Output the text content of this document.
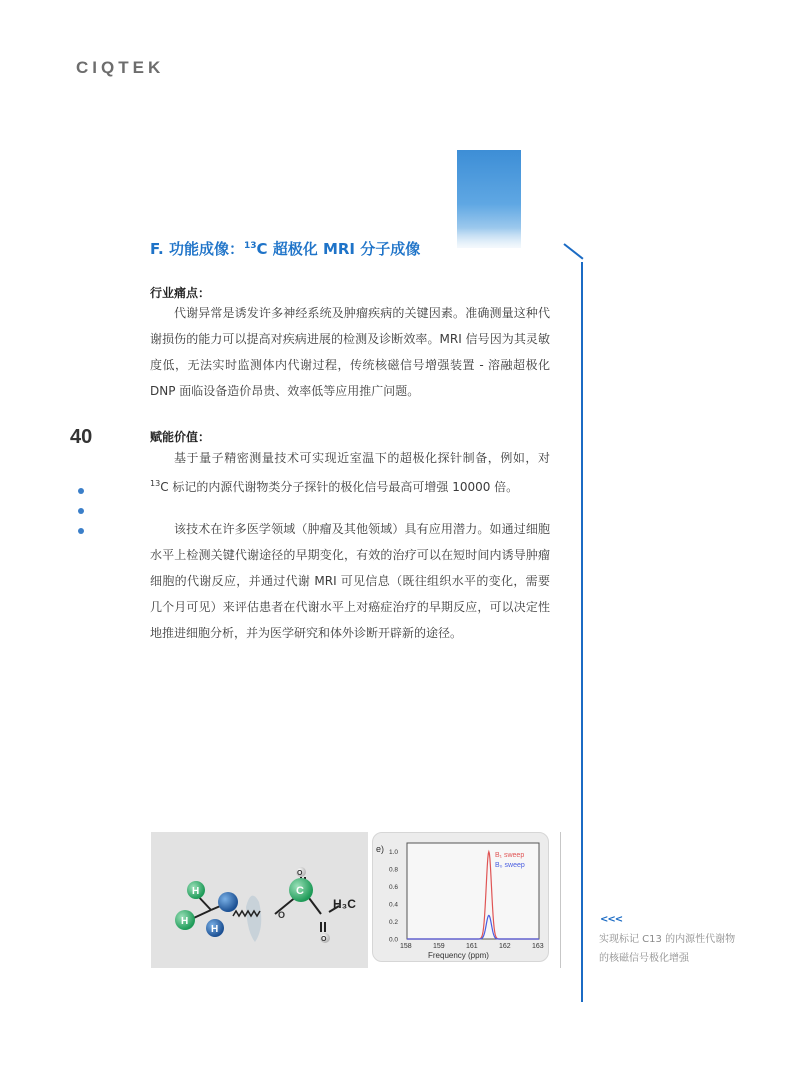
CIQTEK
F. 功能成像：$^{13}$C 超极化 MRI 分子成像
行业痛点：

代谢异常是诱发许多神经系统及肿瘤疾病的关键因素。准确测量这种代谢损伤的能力可以提高对疾病进展的检测及诊断效率。MRI 信号因为其灵敏度低，无法实时监测体内代谢过程，传统核磁信号增强装置 - 溶融超极化 DNP 面临设备造价昂贵、效率低等应用推广问题。

40	赋能价值：

基于量子精密测量技术可实现近室温下的超极化探针制备，例如，对 $^{13}$C 标记的内源代谢物类分子探针的极化信号最高可增强 10000 倍。

该技术在许多医学领域（肿瘤及其他领域）具有应用潜力。如通过细胞水平上检测关键代谢途径的早期变化，有效的治疗可以在短时间内诱导肿瘤细胞的代谢反应，并通过代谢 MRI 可见信息（既往组织水平的变化，需要几个月可见）来评估患者在代谢水平上对癌症治疗的早期反应，可以决定性地推进细胞分析，并为医学研究和体外诊断开辟新的途径。

H
H
H
C
O
O
O
H₃C
e)
Frequency (ppm)
158	159	161	162	163
0.0
0.2
0.4
0.6
0.8
1.0	B₁ sweep
B₀ sweep
<<<
实现标记 C13 的内源性代谢物的核磁信号极化增强
